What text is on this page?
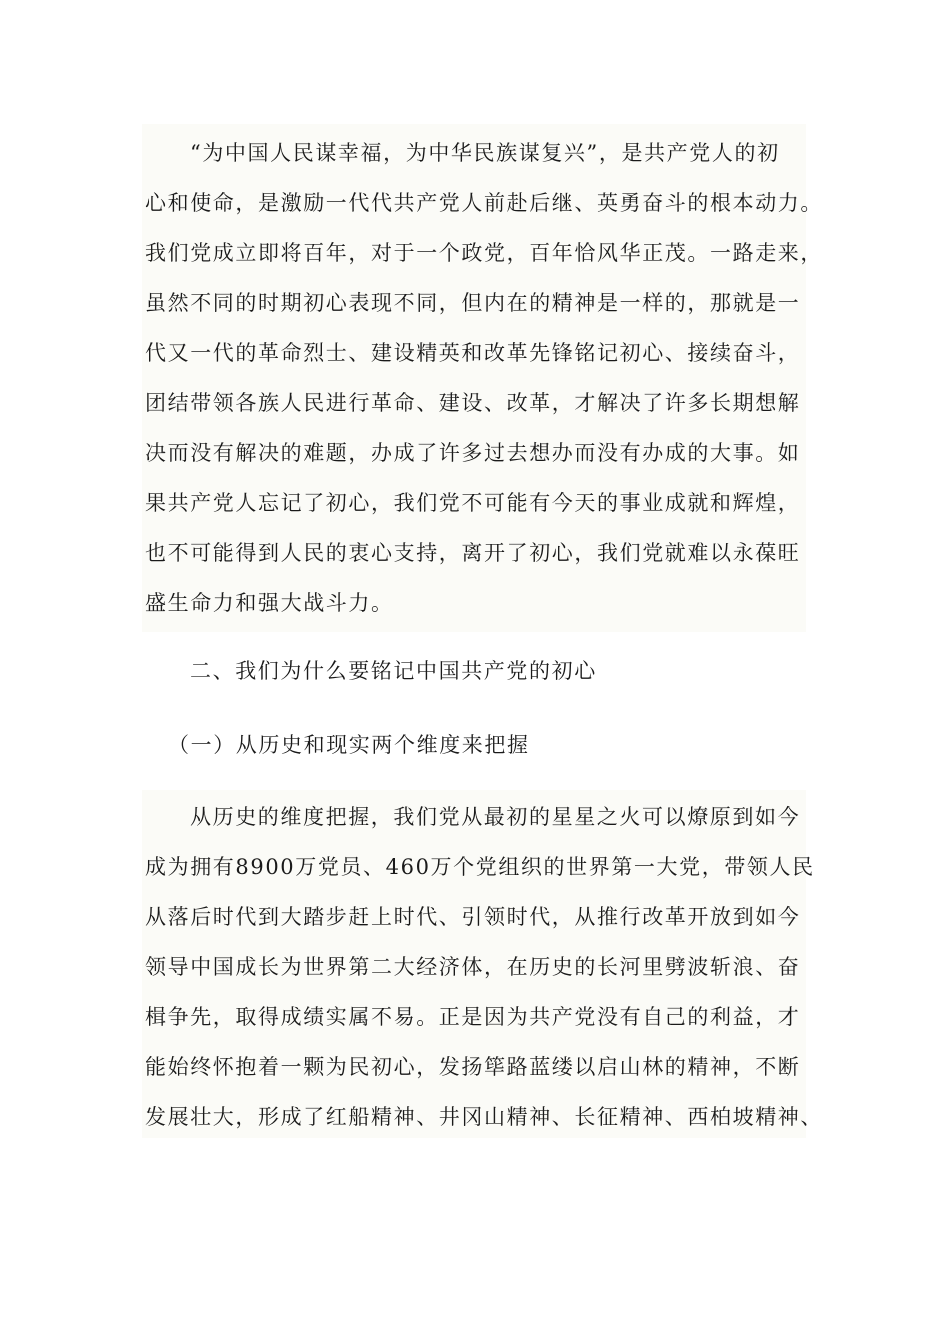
“为中国人民谋幸福，为中华民族谋复兴”，是共产党人的初
心和使命，是激励一代代共产党人前赴后继、英勇奋斗的根本动力。
我们党成立即将百年，对于一个政党，百年恰风华正茂。一路走来，
虽然不同的时期初心表现不同，但内在的精神是一样的，那就是一
代又一代的革命烈士、建设精英和改革先锋铭记初心、接续奋斗，
团结带领各族人民进行革命、建设、改革，才解决了许多长期想解
决而没有解决的难题，办成了许多过去想办而没有办成的大事。如
果共产党人忘记了初心，我们党不可能有今天的事业成就和辉煌，
也不可能得到人民的衷心支持，离开了初心，我们党就难以永葆旺
盛生命力和强大战斗力。
二、我们为什么要铭记中国共产党的初心
（一）从历史和现实两个维度来把握
从历史的维度把握，我们党从最初的星星之火可以燎原到如今
成为拥有8900万党员、460万个党组织的世界第一大党，带领人民
从落后时代到大踏步赶上时代、引领时代，从推行改革开放到如今
领导中国成长为世界第二大经济体，在历史的长河里劈波斩浪、奋
楫争先，取得成绩实属不易。正是因为共产党没有自己的利益，才
能始终怀抱着一颗为民初心，发扬筚路蓝缕以启山林的精神，不断
发展壮大，形成了红船精神、井冈山精神、长征精神、西柏坡精神、
